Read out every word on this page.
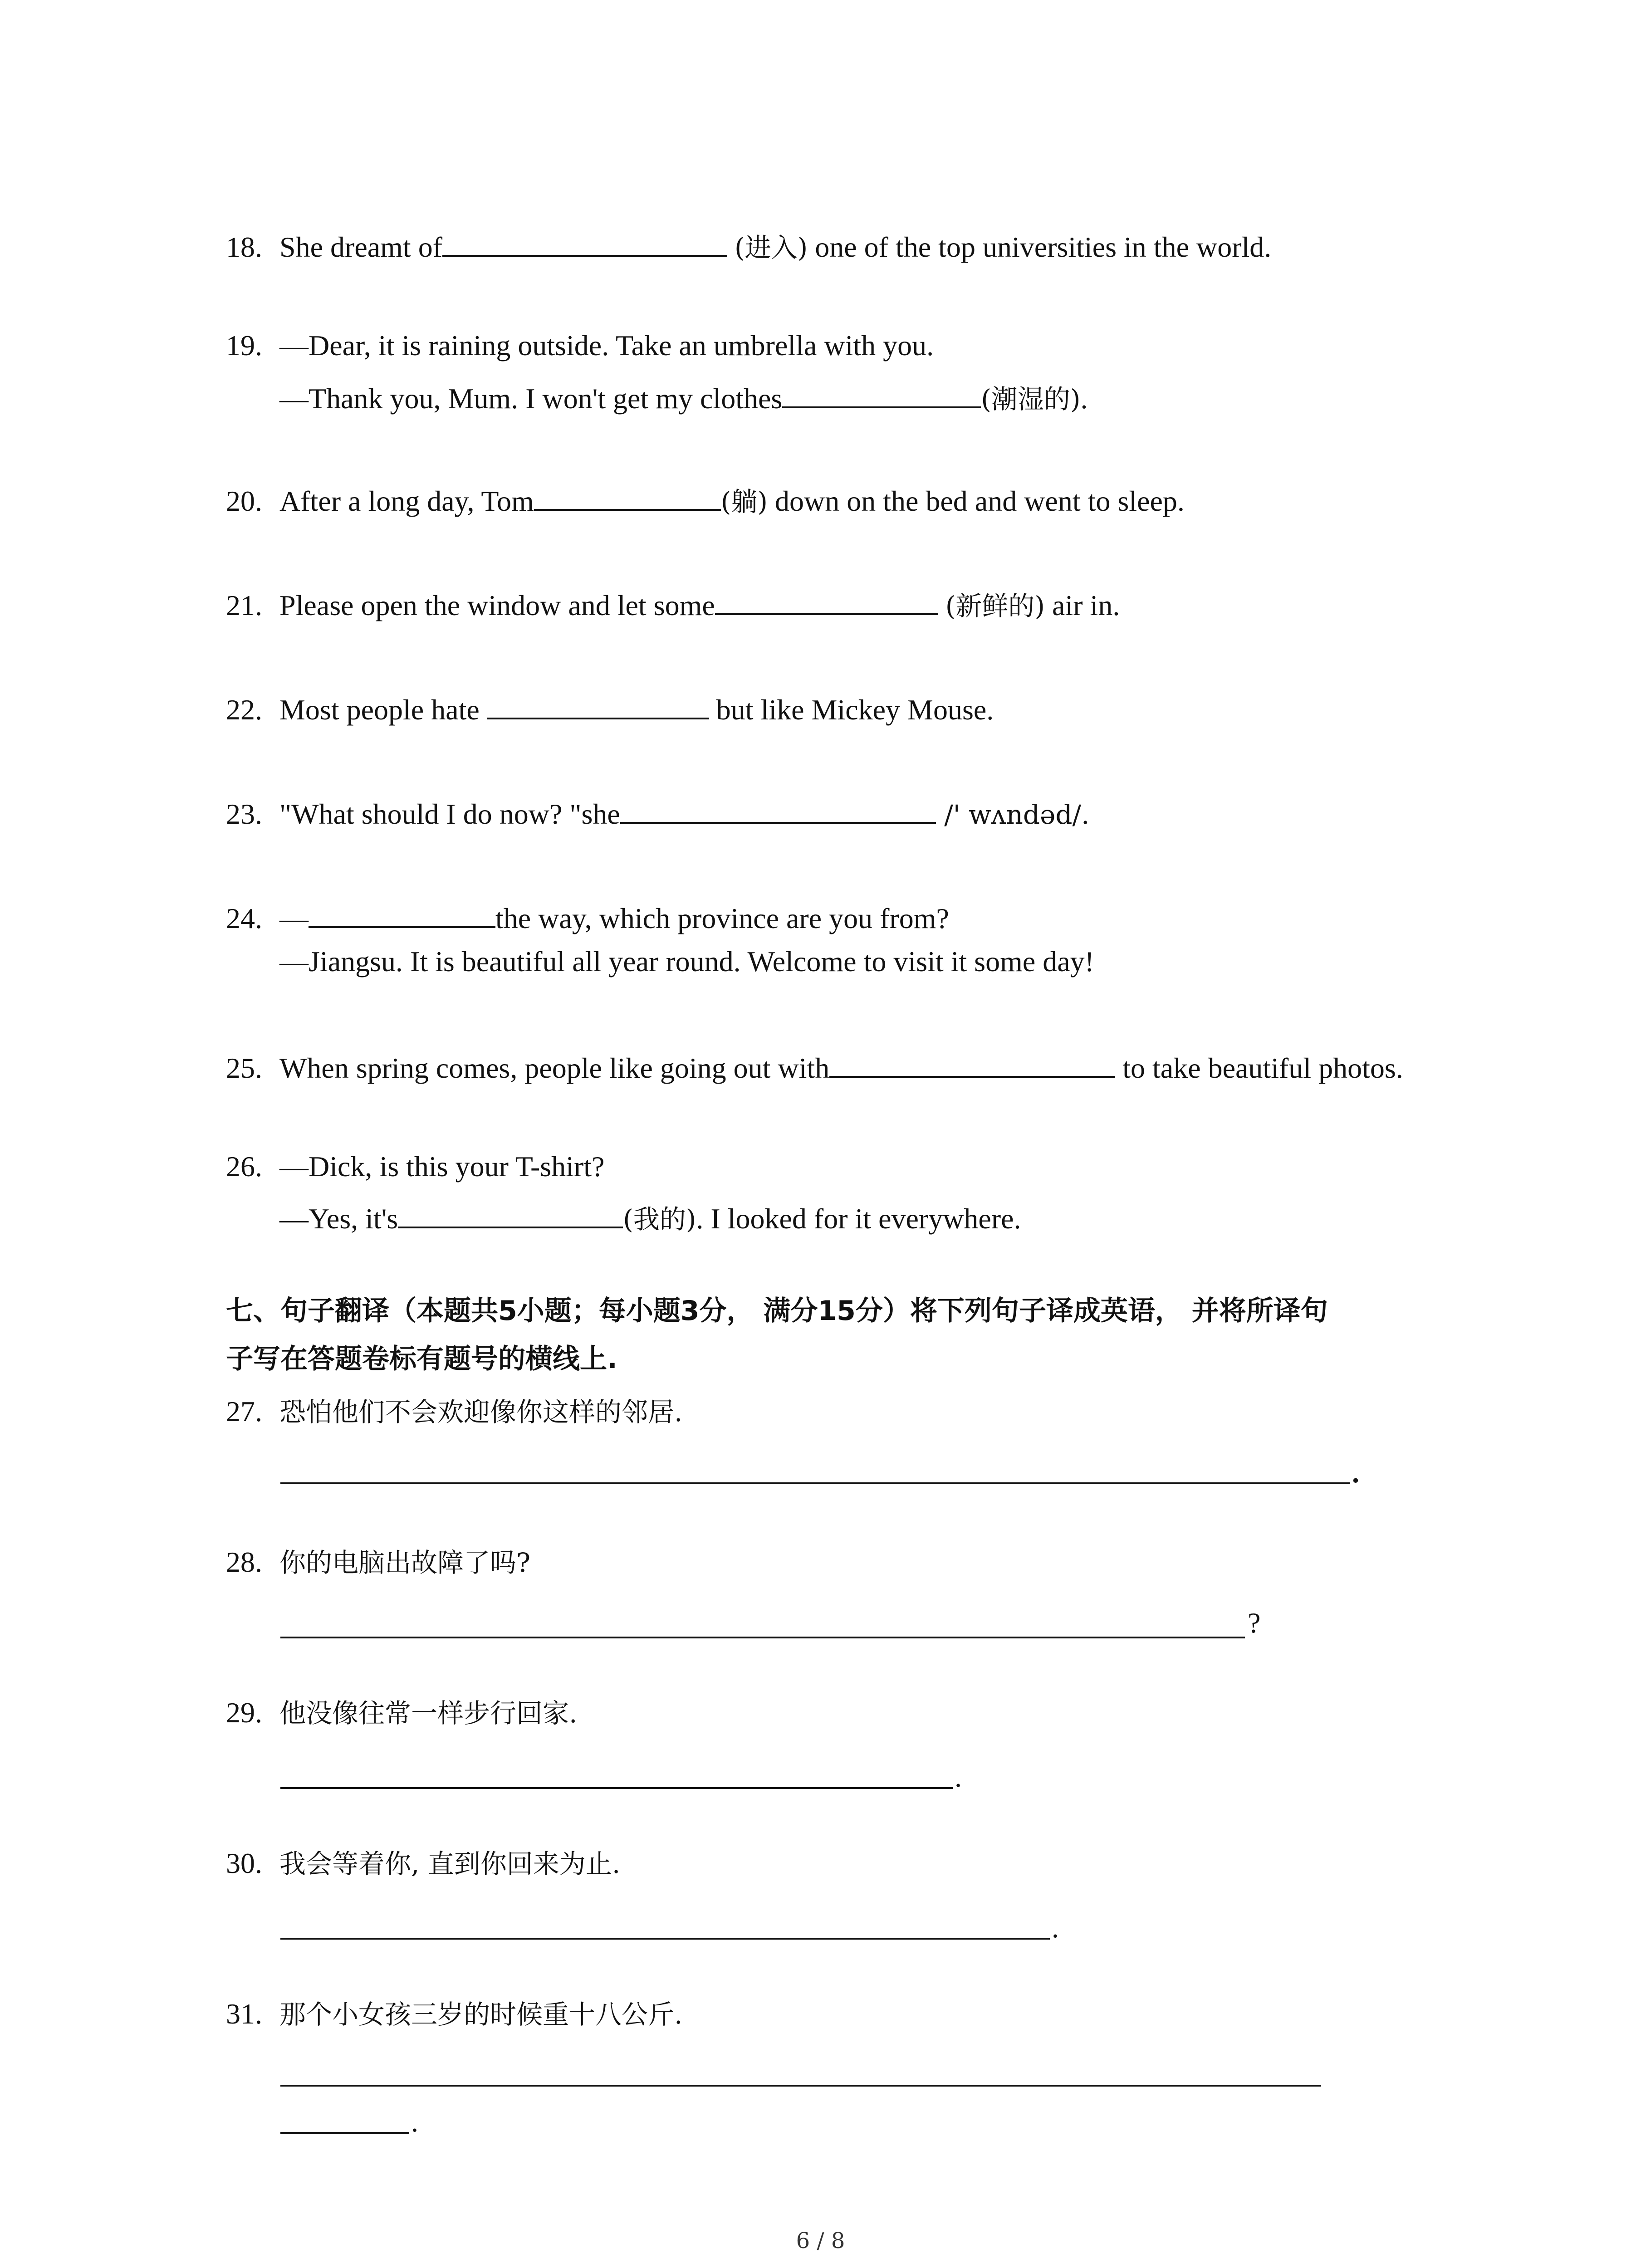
18. She dreamt of	(进入) one of the top universities in the world.
19. —Dear, it is raining outside. Take an umbrella with you.
—Thank you, Mum. I won't get my clothes	(潮湿的).
20. After a long day, Tom	(躺) down on the bed and went to sleep.
21. Please open the window and let some	(新鲜的) air in.
22. Most people hate	but like Mickey Mouse.
23. "What should I do now? "she	/' wʌndəd/.
24. —	the way, which province are you from?
—Jiangsu. It is beautiful all year round. Welcome to visit it some day!
25. When spring comes, people like going out with	to take beautiful photos.
26. —Dick, is this your T-shirt?
—Yes, it's	(我的). I looked for it everywhere.
七、句子翻译（本题共5小题；每小题3分， 满分15分）将下列句子译成英语， 并将所译句
子写在答题卷标有题号的横线上.
27. 恐怕他们不会欢迎像你这样的邻居.
.
28. 你的电脑出故障了吗?
?
29. 他没像往常一样步行回家.
.
30. 我会等着你, 直到你回来为止.
.
31. 那个小女孩三岁的时候重十八公斤.
.
6 / 8
